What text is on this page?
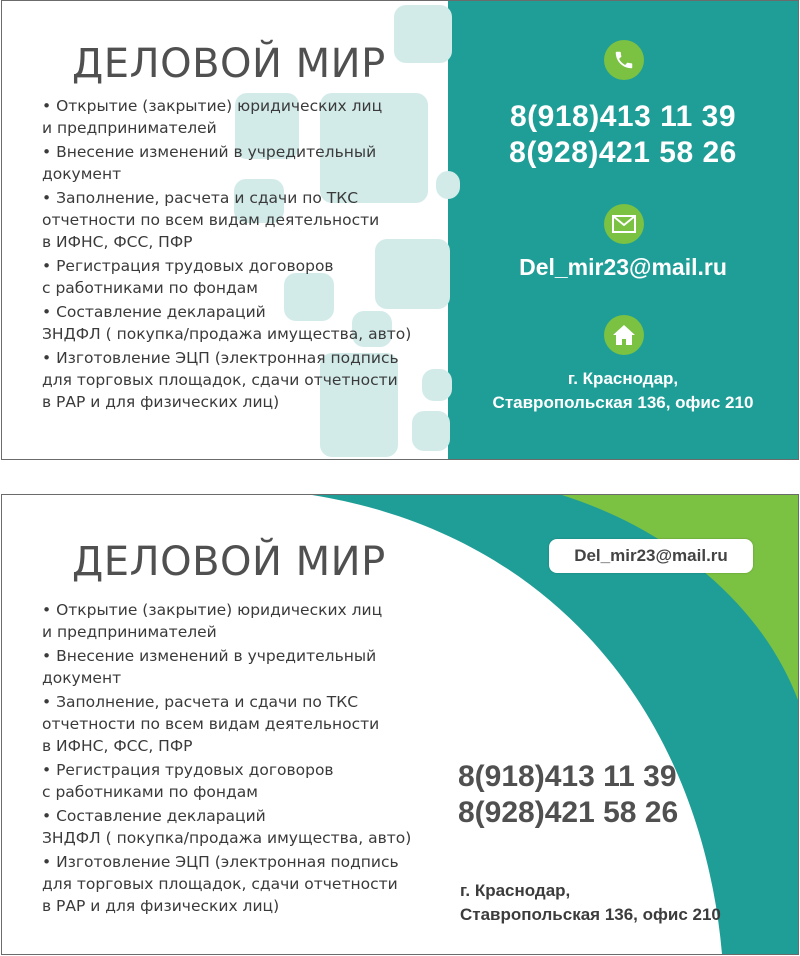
ДЕЛОВОЙ МИР
• Открытие (закрытие) юридических лиц
и предпринимателей
• Внесение изменений в учредительный
документ
• Заполнение, расчета и сдачи по ТКС
отчетности по всем видам деятельности
в ИФНС, ФСС, ПФР
• Регистрация трудовых договоров
с работниками по фондам
• Составление деклараций
ЗНДФЛ ( покупка/продажа имущества, авто)
• Изготовление ЭЦП (электронная подпись
для торговых площадок, сдачи отчетности
в РАР и для физических лиц)
8(918)413 11 39
8(928)421 58 26
Del_mir23@mail.ru
г. Краснодар,
Ставропольская 136, офис 210
ДЕЛОВОЙ МИР
• Открытие (закрытие) юридических лиц
и предпринимателей
• Внесение изменений в учредительный
документ
• Заполнение, расчета и сдачи по ТКС
отчетности по всем видам деятельности
в ИФНС, ФСС, ПФР
• Регистрация трудовых договоров
с работниками по фондам
• Составление деклараций
ЗНДФЛ ( покупка/продажа имущества, авто)
• Изготовление ЭЦП (электронная подпись
для торговых площадок, сдачи отчетности
в РАР и для физических лиц)
Del_mir23@mail.ru
8(918)413 11 39
8(928)421 58 26
г. Краснодар,
Ставропольская 136, офис 210
